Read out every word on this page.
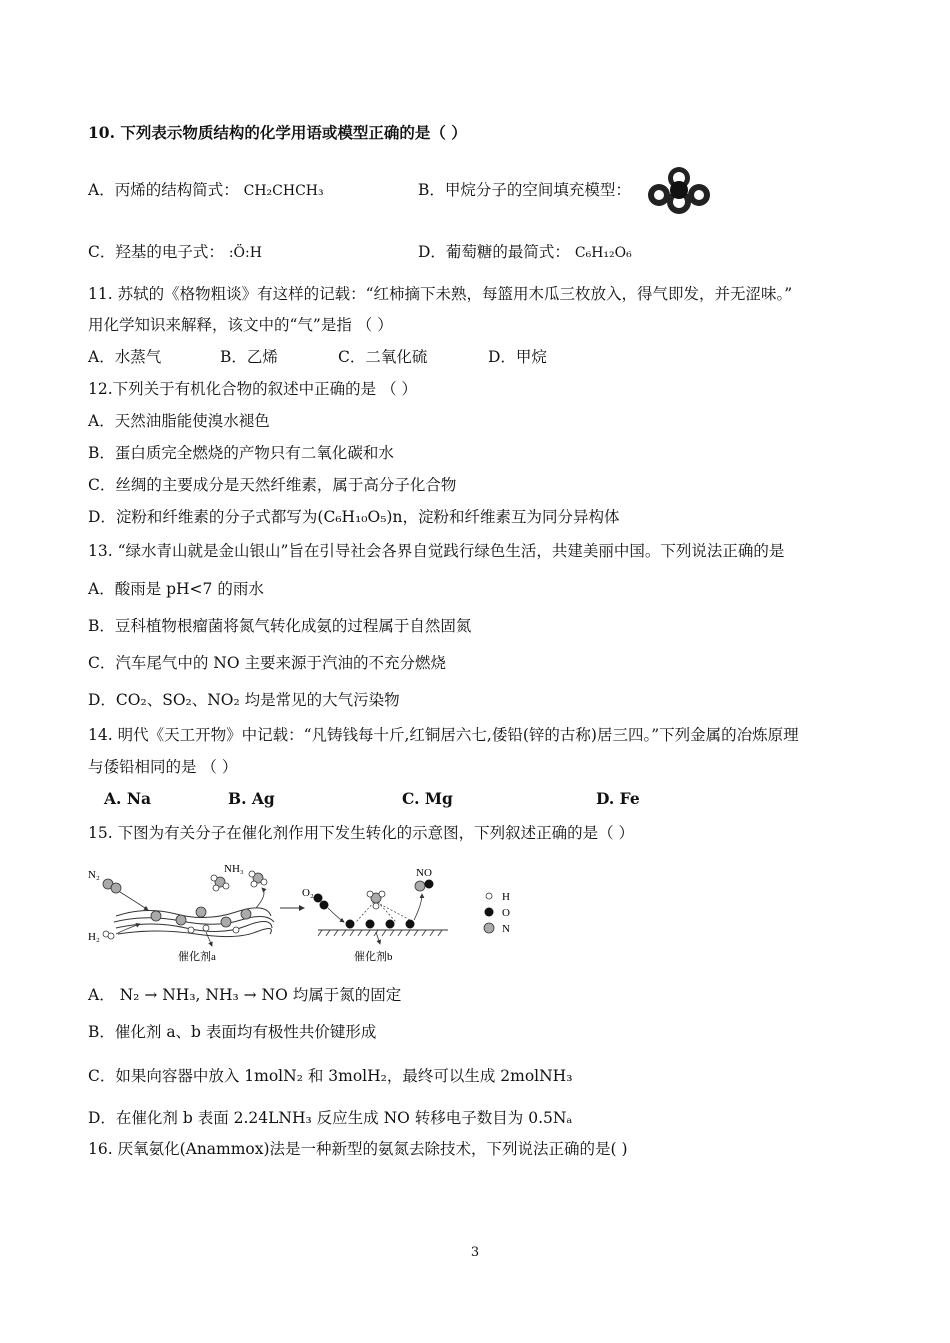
10. 下列表示物质结构的化学用语或模型正确的是（ ）
A．丙烯的结构简式： CH₂CHCH₃	B．甲烷分子的空间填充模型：
C．羟基的电子式： :Ö:H	D．葡萄糖的最简式： C₆H₁₂O₆
11. 苏轼的《格物粗谈》有这样的记载：“红柿摘下未熟，每篮用木瓜三枚放入，得气即发，并无涩味。”
用化学知识来解释，该文中的“气”是指 （ ）
A．水蒸气	B．乙烯	C．二氧化硫	D．甲烷
12.下列关于有机化合物的叙述中正确的是 （ ）
A．天然油脂能使溴水褪色
B．蛋白质完全燃烧的产物只有二氧化碳和水
C．丝绸的主要成分是天然纤维素，属于高分子化合物
D．淀粉和纤维素的分子式都写为(C₆H₁₀O₅)n，淀粉和纤维素互为同分异构体
13. “绿水青山就是金山银山”旨在引导社会各界自觉践行绿色生活，共建美丽中国。下列说法正确的是
A．酸雨是 pH<7 的雨水
B．豆科植物根瘤菌将氮气转化成氨的过程属于自然固氮
C．汽车尾气中的 NO 主要来源于汽油的不充分燃烧
D．CO₂、SO₂、NO₂ 均是常见的大气污染物
14. 明代《天工开物》中记载：“凡铸钱每十斤,红铜居六七,倭铅(锌的古称)居三四。”下列金属的冶炼原理
与倭铅相同的是 （ ）
A. Na	B. Ag	C. Mg	D. Fe
15. 下图为有关分子在催化剂作用下发生转化的示意图，下列叙述正确的是（ ）
N₂
H₂
NH₃
催化剂a
O₂
NO
催化剂b
H
O
N
A． N₂ → NH₃, NH₃ → NO 均属于氮的固定
B．催化剂 a、b 表面均有极性共价键形成
C．如果向容器中放入 1molN₂ 和 3molH₂，最终可以生成 2molNH₃
D．在催化剂 b 表面 2.24LNH₃ 反应生成 NO 转移电子数目为 0.5Nₐ
16. 厌氧氨化(Anammox)法是一种新型的氨氮去除技术，下列说法正确的是( )
3
